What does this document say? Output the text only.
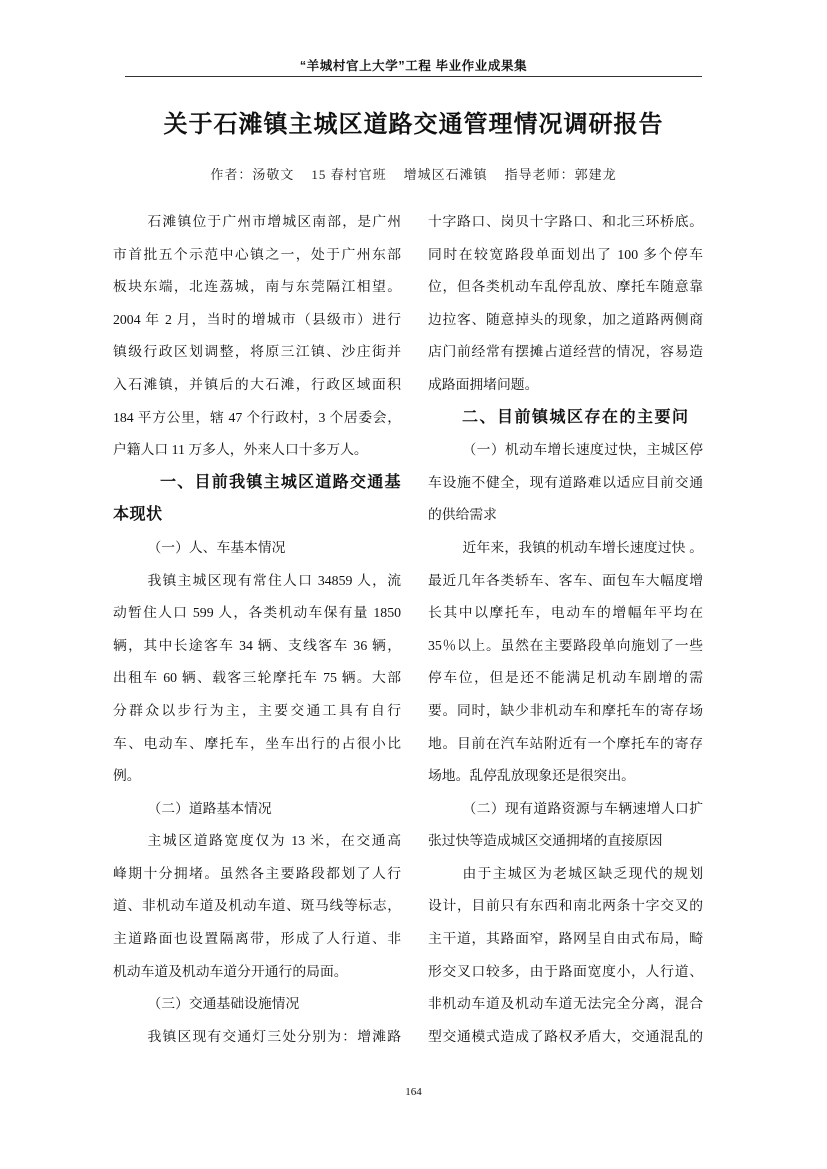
“羊城村官上大学”工程 毕业作业成果集
关于石滩镇主城区道路交通管理情况调研报告
作者：汤敬文 15 春村官班 增城区石滩镇 指导老师：郭建龙
石滩镇位于广州市增城区南部，是广州
市首批五个示范中心镇之一，处于广州东部
板块东端，北连荔城，南与东莞隔江相望。
2004 年 2 月，当时的增城市（县级市）进行
镇级行政区划调整，将原三江镇、沙庄街并
入石滩镇，并镇后的大石滩，行政区域面积
184 平方公里，辖 47 个行政村，3 个居委会，
户籍人口 11 万多人，外来人口十多万人。
一、目前我镇主城区道路交通基
本现状
（一）人、车基本情况
我镇主城区现有常住人口 34859 人，流
动暂住人口 599 人，各类机动车保有量 1850
辆，其中长途客车 34 辆、支线客车 36 辆，
出租车 60 辆、载客三轮摩托车 75 辆。大部
分群众以步行为主，主要交通工具有自行
车、电动车、摩托车，坐车出行的占很小比
例。
（二）道路基本情况
主城区道路宽度仅为 13 米，在交通高
峰期十分拥堵。虽然各主要路段都划了人行
道、非机动车道及机动车道、斑马线等标志，
主道路面也设置隔离带，形成了人行道、非
机动车道及机动车道分开通行的局面。
（三）交通基础设施情况
我镇区现有交通灯三处分别为：增滩路
十字路口、岗贝十字路口、和北三环桥底。
同时在较宽路段单面划出了 100 多个停车
位，但各类机动车乱停乱放、摩托车随意靠
边拉客、随意掉头的现象，加之道路两侧商
店门前经常有摆摊占道经营的情况，容易造
成路面拥堵问题。
二、目前镇城区存在的主要问
（一）机动车增长速度过快，主城区停
车设施不健全，现有道路难以适应目前交通
的供给需求
近年来，我镇的机动车增长速度过快 。
最近几年各类轿车、客车、面包车大幅度增
长其中以摩托车，电动车的增幅年平均在
35％以上。虽然在主要路段单向施划了一些
停车位，但是还不能满足机动车剧增的需
要。同时，缺少非机动车和摩托车的寄存场
地。目前在汽车站附近有一个摩托车的寄存
场地。乱停乱放现象还是很突出。
（二）现有道路资源与车辆速增人口扩
张过快等造成城区交通拥堵的直接原因
由于主城区为老城区缺乏现代的规划
设计，目前只有东西和南北两条十字交叉的
主干道，其路面窄，路网呈自由式布局，畸
形交叉口较多，由于路面宽度小，人行道、
非机动车道及机动车道无法完全分离，混合
型交通模式造成了路权矛盾大，交通混乱的
164
